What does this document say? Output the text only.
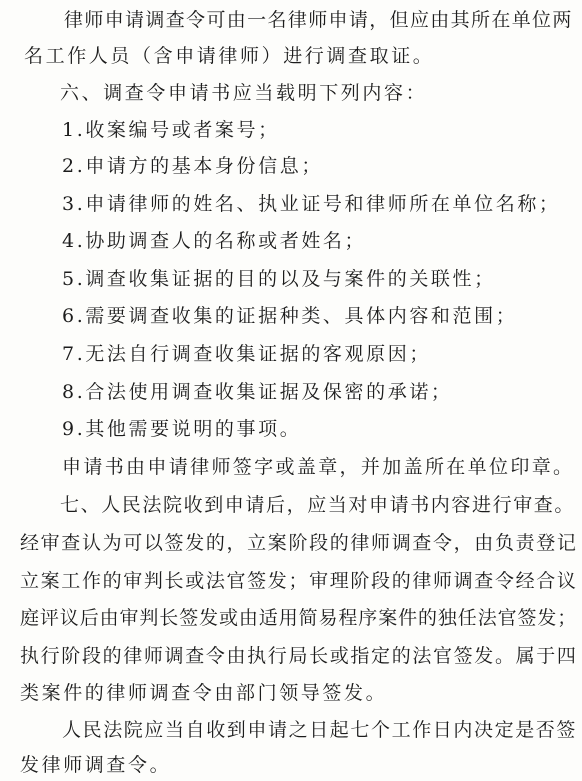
律师申请调查令可由一名律师申请，但应由其所在单位两
名工作人员（含申请律师）进行调查取证。
六、调查令申请书应当载明下列内容：
1.收案编号或者案号；
2.申请方的基本身份信息；
3.申请律师的姓名、执业证号和律师所在单位名称；
4.协助调查人的名称或者姓名；
5.调查收集证据的目的以及与案件的关联性；
6.需要调查收集的证据种类、具体内容和范围；
7.无法自行调查收集证据的客观原因；
8.合法使用调查收集证据及保密的承诺；
9.其他需要说明的事项。
申请书由申请律师签字或盖章，并加盖所在单位印章。
七、人民法院收到申请后，应当对申请书内容进行审查。
经审查认为可以签发的，立案阶段的律师调查令，由负责登记
立案工作的审判长或法官签发；审理阶段的律师调查令经合议
庭评议后由审判长签发或由适用简易程序案件的独任法官签发；
执行阶段的律师调查令由执行局长或指定的法官签发。属于四
类案件的律师调查令由部门领导签发。
人民法院应当自收到申请之日起七个工作日内决定是否签
发律师调查令。
